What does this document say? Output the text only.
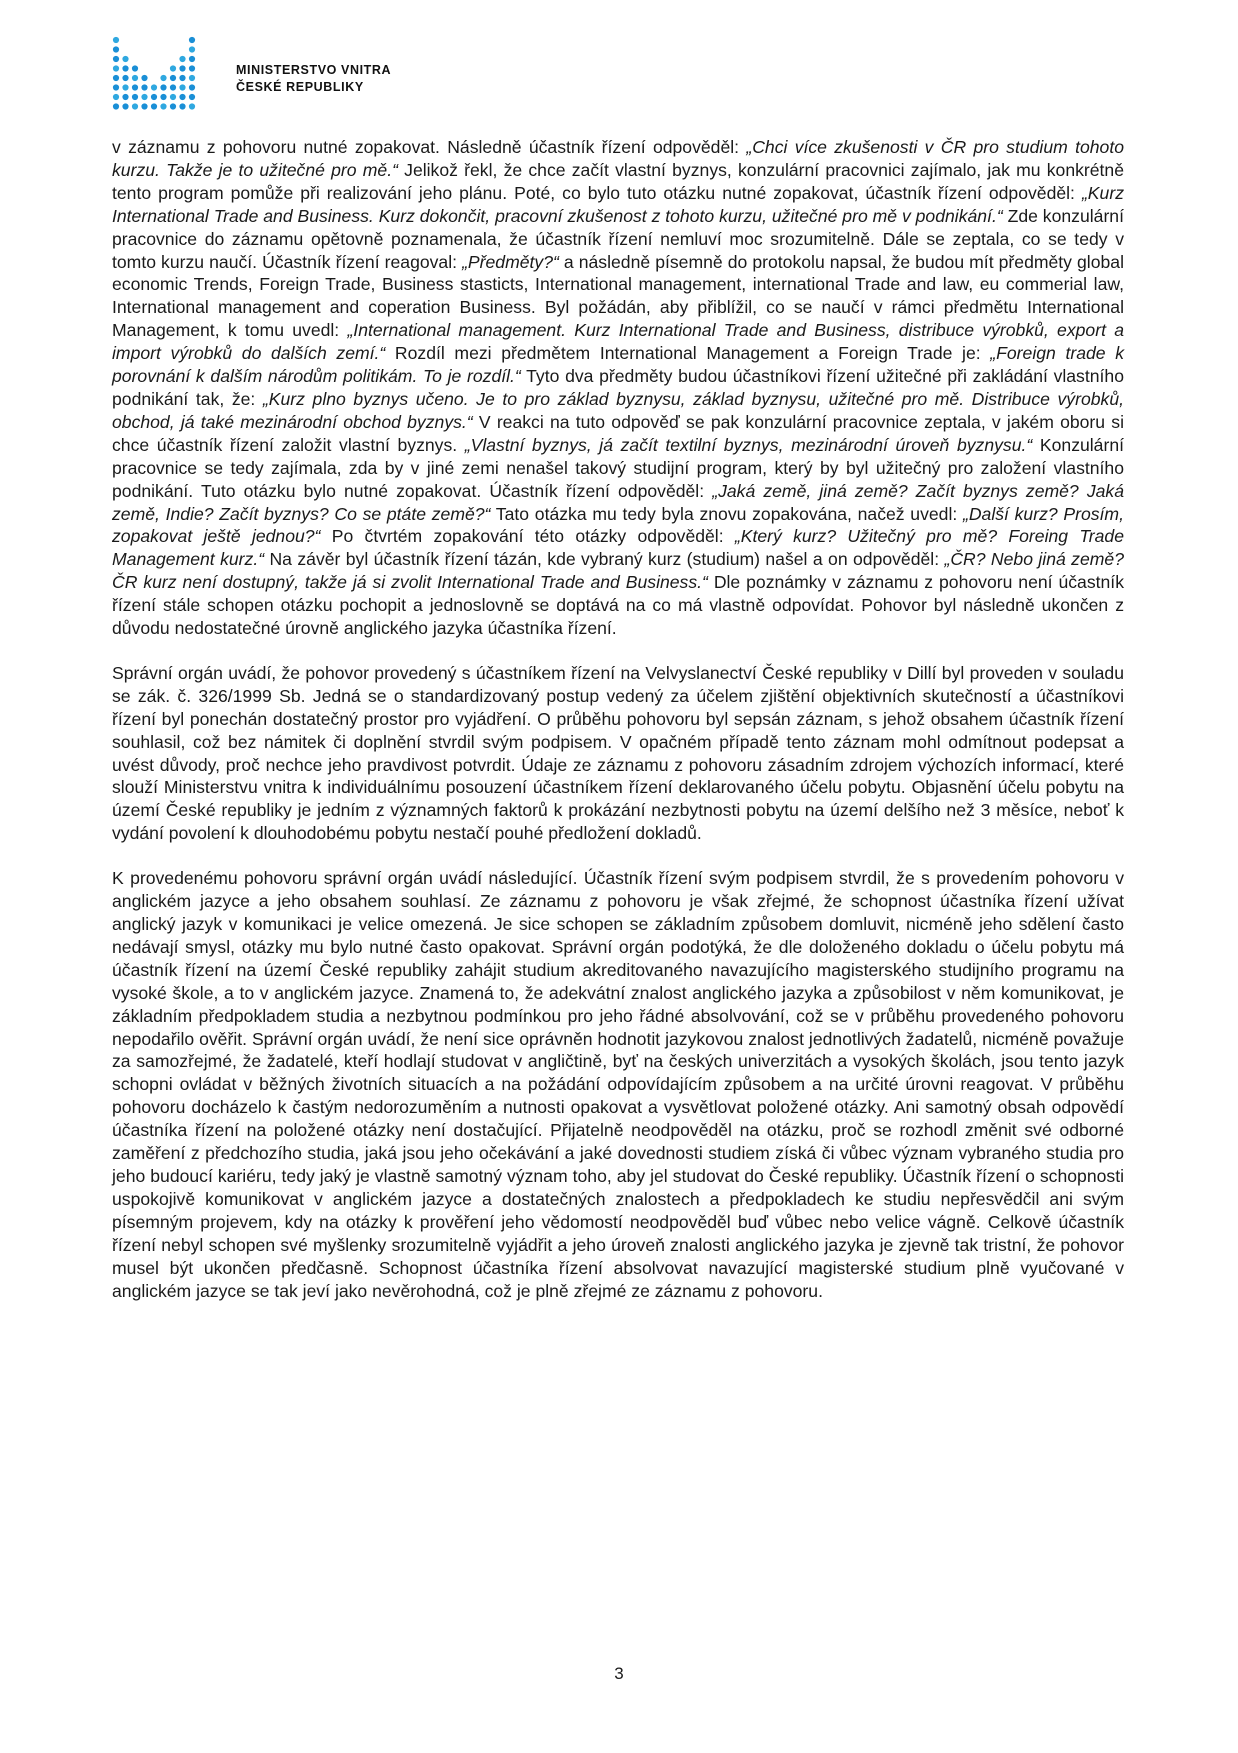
MINISTERSTVO VNITRA
ČESKÉ REPUBLIKY

v záznamu z pohovoru nutné zopakovat. Následně účastník řízení odpověděl: „Chci více zkušenosti v ČR pro studium tohoto kurzu. Takže je to užitečné pro mě.“ Jelikož řekl, že chce začít vlastní byznys, konzulární pracovnici zajímalo, jak mu konkrétně tento program pomůže při realizování jeho plánu. Poté, co bylo tuto otázku nutné zopakovat, účastník řízení odpověděl: „Kurz International Trade and Business. Kurz dokončit, pracovní zkušenost z tohoto kurzu, užitečné pro mě v podnikání.“ Zde konzulární pracovnice do záznamu opětovně poznamenala, že účastník řízení nemluví moc srozumitelně. Dále se zeptala, co se tedy v tomto kurzu naučí. Účastník řízení reagoval: „Předměty?“ a následně písemně do protokolu napsal, že budou mít předměty global economic Trends, Foreign Trade, Business stasticts, International management, international Trade and law, eu commerial law, International management and coperation Business. Byl požádán, aby přiblížil, co se naučí v rámci předmětu International Management, k tomu uvedl: „International management. Kurz International Trade and Business, distribuce výrobků, export a import výrobků do dalších zemí.“ Rozdíl mezi předmětem International Management a Foreign Trade je: „Foreign trade k porovnání k dalším národům politikám. To je rozdíl.“ Tyto dva předměty budou účastníkovi řízení užitečné při zakládání vlastního podnikání tak, že: „Kurz plno byznys učeno. Je to pro základ byznysu, základ byznysu, užitečné pro mě. Distribuce výrobků, obchod, já také mezinárodní obchod byznys.“ V reakci na tuto odpověď se pak konzulární pracovnice zeptala, v jakém oboru si chce účastník řízení založit vlastní byznys. „Vlastní byznys, já začít textilní byznys, mezinárodní úroveň byznysu.“ Konzulární pracovnice se tedy zajímala, zda by v jiné zemi nenašel takový studijní program, který by byl užitečný pro založení vlastního podnikání. Tuto otázku bylo nutné zopakovat. Účastník řízení odpověděl: „Jaká země, jiná země? Začít byznys země? Jaká země, Indie? Začít byznys? Co se ptáte země?“ Tato otázka mu tedy byla znovu zopakována, načež uvedl: „Další kurz? Prosím, zopakovat ještě jednou?“ Po čtvrtém zopakování této otázky odpověděl: „Který kurz? Užitečný pro mě? Foreing Trade Management kurz.“ Na závěr byl účastník řízení tázán, kde vybraný kurz (studium) našel a on odpověděl: „ČR? Nebo jiná země? ČR kurz není dostupný, takže já si zvolit International Trade and Business.“ Dle poznámky v záznamu z pohovoru není účastník řízení stále schopen otázku pochopit a jednoslovně se doptává na co má vlastně odpovídat. Pohovor byl následně ukončen z důvodu nedostatečné úrovně anglického jazyka účastníka řízení.

Správní orgán uvádí, že pohovor provedený s účastníkem řízení na Velvyslanectví České republiky v Dillí byl proveden v souladu se zák. č. 326/1999 Sb. Jedná se o standardizovaný postup vedený za účelem zjištění objektivních skutečností a účastníkovi řízení byl ponechán dostatečný prostor pro vyjádření. O průběhu pohovoru byl sepsán záznam, s jehož obsahem účastník řízení souhlasil, což bez námitek či doplnění stvrdil svým podpisem. V opačném případě tento záznam mohl odmítnout podepsat a uvést důvody, proč nechce jeho pravdivost potvrdit. Údaje ze záznamu z pohovoru zásadním zdrojem výchozích informací, které slouží Ministerstvu vnitra k individuálnímu posouzení účastníkem řízení deklarovaného účelu pobytu. Objasnění účelu pobytu na území České republiky je jedním z významných faktorů k prokázání nezbytnosti pobytu na území delšího než 3 měsíce, neboť k vydání povolení k dlouhodobému pobytu nestačí pouhé předložení dokladů.

K provedenému pohovoru správní orgán uvádí následující. Účastník řízení svým podpisem stvrdil, že s provedením pohovoru v anglickém jazyce a jeho obsahem souhlasí. Ze záznamu z pohovoru je však zřejmé, že schopnost účastníka řízení užívat anglický jazyk v komunikaci je velice omezená. Je sice schopen se základním způsobem domluvit, nicméně jeho sdělení často nedávají smysl, otázky mu bylo nutné často opakovat. Správní orgán podotýká, že dle doloženého dokladu o účelu pobytu má účastník řízení na území České republiky zahájit studium akreditovaného navazujícího magisterského studijního programu na vysoké škole, a to v anglickém jazyce. Znamená to, že adekvátní znalost anglického jazyka a způsobilost v něm komunikovat, je základním předpokladem studia a nezbytnou podmínkou pro jeho řádné absolvování, což se v průběhu provedeného pohovoru nepodařilo ověřit. Správní orgán uvádí, že není sice oprávněn hodnotit jazykovou znalost jednotlivých žadatelů, nicméně považuje za samozřejmé, že žadatelé, kteří hodlají studovat v angličtině, byť na českých univerzitách a vysokých školách, jsou tento jazyk schopni ovládat v běžných životních situacích a na požádání odpovídajícím způsobem a na určité úrovni reagovat. V průběhu pohovoru docházelo k častým nedorozuměním a nutnosti opakovat a vysvětlovat položené otázky. Ani samotný obsah odpovědí účastníka řízení na položené otázky není dostačující. Přijatelně neodpověděl na otázku, proč se rozhodl změnit své odborné zaměření z předchozího studia, jaká jsou jeho očekávání a jaké dovednosti studiem získá či vůbec význam vybraného studia pro jeho budoucí kariéru, tedy jaký je vlastně samotný význam toho, aby jel studovat do České republiky. Účastník řízení o schopnosti uspokojivě komunikovat v anglickém jazyce a dostatečných znalostech a předpokladech ke studiu nepřesvědčil ani svým písemným projevem, kdy na otázky k prověření jeho vědomostí neodpověděl buď vůbec nebo velice vágně. Celkově účastník řízení nebyl schopen své myšlenky srozumitelně vyjádřit a jeho úroveň znalosti anglického jazyka je zjevně tak tristní, že pohovor musel být ukončen předčasně. Schopnost účastníka řízení absolvovat navazující magisterské studium plně vyučované v anglickém jazyce se tak jeví jako nevěrohodná, což je plně zřejmé ze záznamu z pohovoru.

3
